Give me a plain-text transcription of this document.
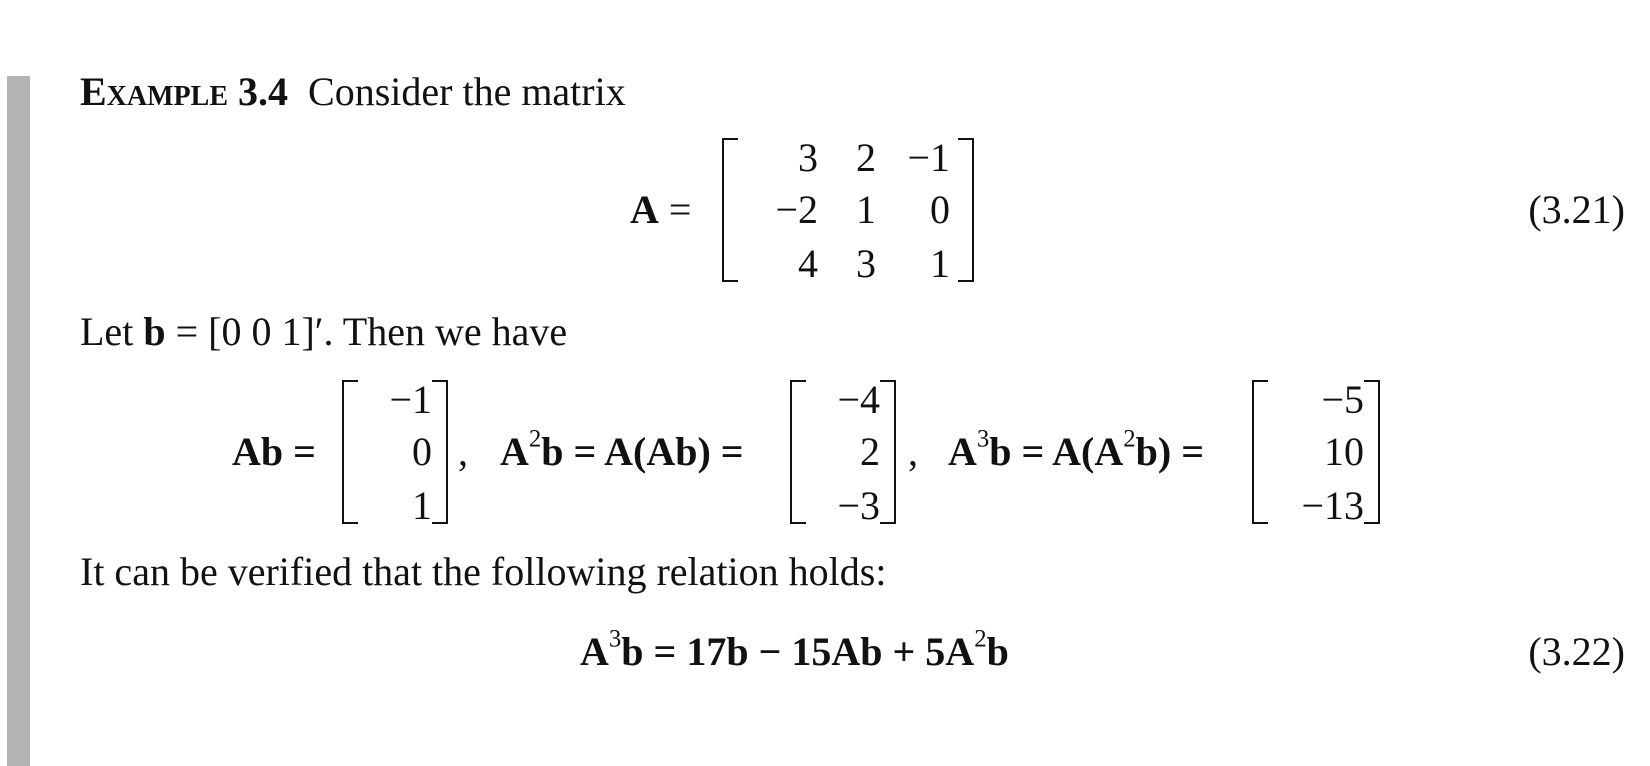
Example 3.4 Consider the matrix
A =
3 2 −1
−2 1	0
4 3	1
(3.21)
Let b = [0 0 1]′. Then we have
Ab =
−1
0
1
, $A^2b = A(Ab)$ =
−4
2
−3
, $A^3b = A(A^2b)$ =
−5
10
−13
It can be verified that the following relation holds:
$A^3b = 17b - 15Ab + 5A^2b$	(3.22)
